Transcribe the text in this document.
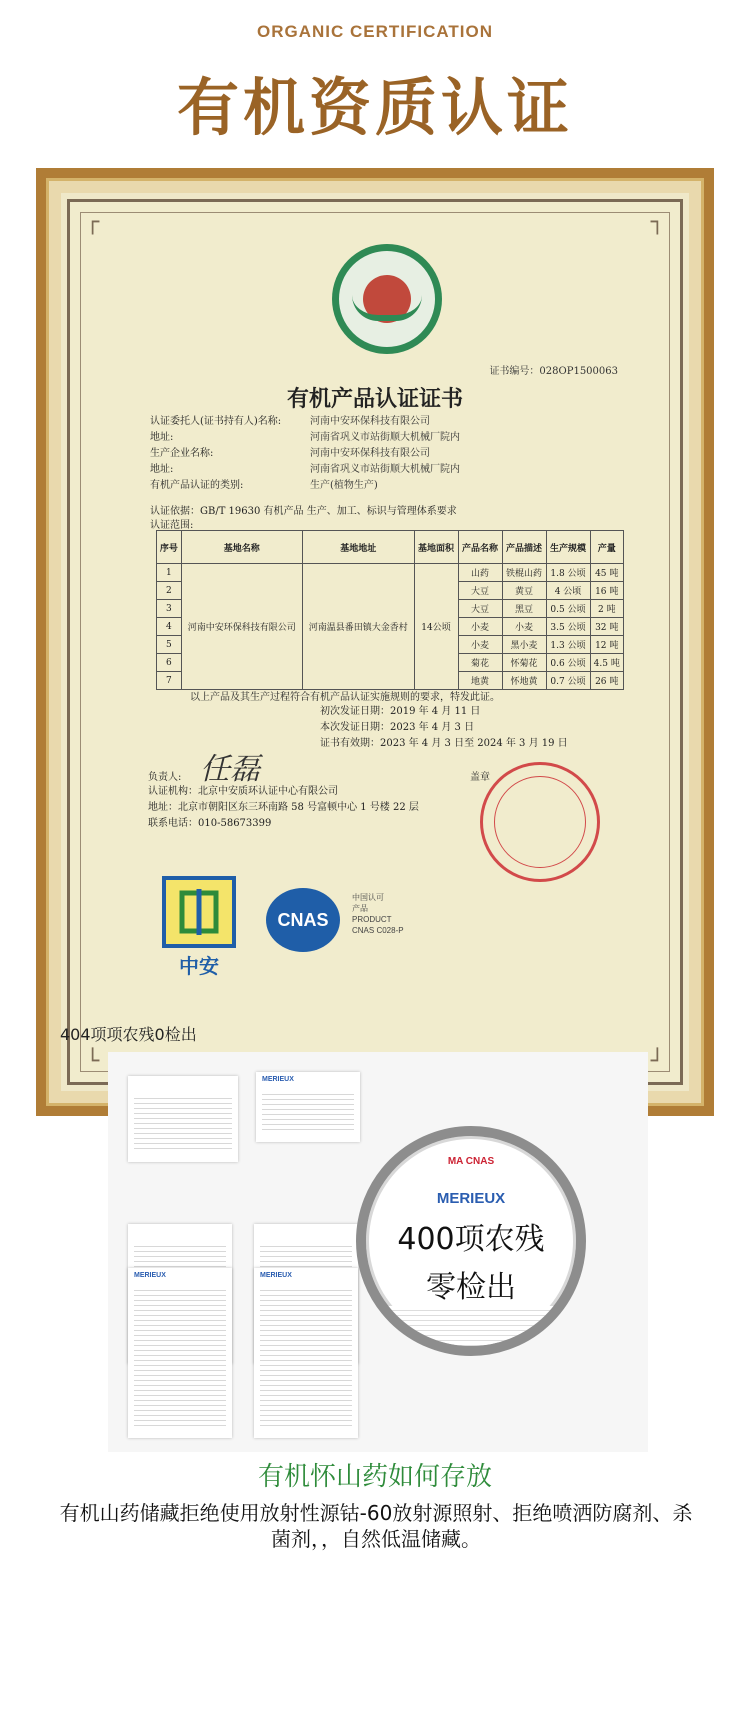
ORGANIC CERTIFICATION
有机资质认证
┌	┐
└	┘
证书编号：028OP1500063
有机产品认证证书
认证委托人(证书持有人)名称:	河南中安环保科技有限公司
地址:	河南省巩义市站街顺大机械厂院内
生产企业名称:	河南中安环保科技有限公司
地址:	河南省巩义市站街顺大机械厂院内
有机产品认证的类别:	生产(植物生产)
认证依据：GB/T 19630 有机产品 生产、加工、标识与管理体系要求
认证范围:
序号	基地名称	基地地址	基地面积	产品名称	产品描述	生产规模	产量
1	河南中安环保科技有限公司	河南温县番田镇大金香村	14公顷	山药	铁棍山药	1.8 公顷	45 吨
2				大豆	黄豆	4 公顷	16 吨
3				大豆	黑豆	0.5 公顷	2 吨
4				小麦	小麦	3.5 公顷	32 吨
5				小麦	黑小麦	1.3 公顷	12 吨
6				菊花	怀菊花	0.6 公顷	4.5 吨
7				地黄	怀地黄	0.7 公顷	26 吨
以上产品及其生产过程符合有机产品认证实施规则的要求，特发此证。
初次发证日期：2019 年 4 月 11 日
本次发证日期：2023 年 4 月 3 日
证书有效期：2023 年 4 月 3 日至 2024 年 3 月 19 日
任磊
负责人:	盖章
认证机构：北京中安质环认证中心有限公司
地址：北京市朝阳区东三环南路 58 号富顿中心 1 号楼 22 层
联系电话：010-58673399
中安
CNAS
中国认可
产品
PRODUCT
CNAS C028-P
404项项农残0检出
MERIEUX
MERIEUX	MERIEUX
MA CNAS
MERIEUX
400项农残
零检出
有机怀山药如何存放
有机山药储藏拒绝使用放射性源钴-60放射源照射、拒绝喷洒防腐剂、杀菌剂，，自然低温储藏。
